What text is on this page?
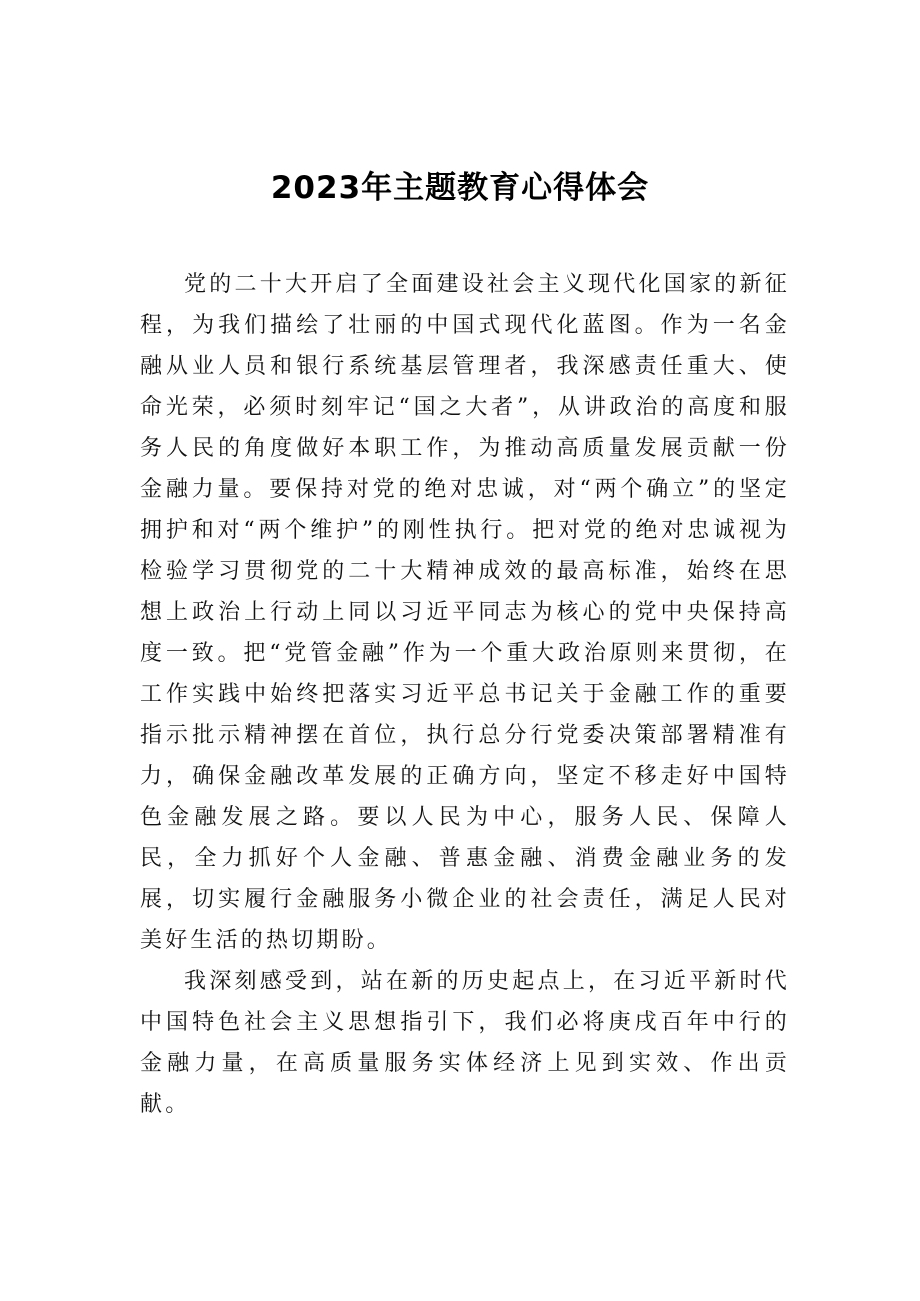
2023年主题教育心得体会

党的二十大开启了全面建设社会主义现代化国家的新征程，为我们描绘了壮丽的中国式现代化蓝图。作为一名金融从业人员和银行系统基层管理者，我深感责任重大、使命光荣，必须时刻牢记“国之大者”，从讲政治的高度和服务人民的角度做好本职工作，为推动高质量发展贡献一份金融力量。要保持对党的绝对忠诚，对“两个确立”的坚定拥护和对“两个维护”的刚性执行。把对党的绝对忠诚视为检验学习贯彻党的二十大精神成效的最高标准，始终在思想上政治上行动上同以习近平同志为核心的党中央保持高度一致。把“党管金融”作为一个重大政治原则来贯彻，在工作实践中始终把落实习近平总书记关于金融工作的重要指示批示精神摆在首位，执行总分行党委决策部署精准有力，确保金融改革发展的正确方向，坚定不移走好中国特色金融发展之路。要以人民为中心，服务人民、保障人民，全力抓好个人金融、普惠金融、消费金融业务的发展，切实履行金融服务小微企业的社会责任，满足人民对美好生活的热切期盼。

我深刻感受到，站在新的历史起点上，在习近平新时代中国特色社会主义思想指引下，我们必将庚戌百年中行的金融力量，在高质量服务实体经济上见到实效、作出贡献。
